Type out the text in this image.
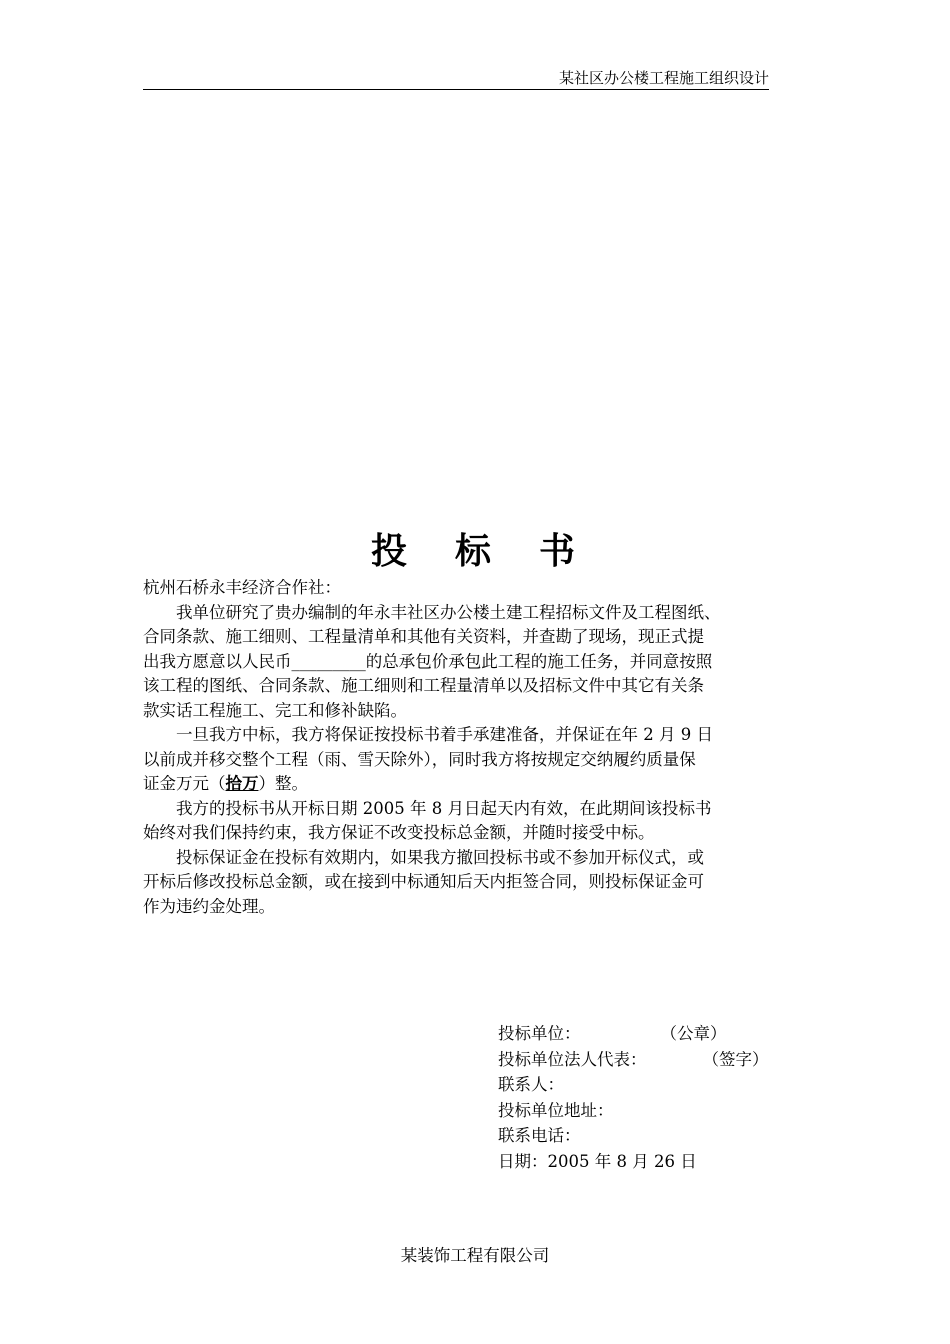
某社区办公楼工程施工组织设计
投 标 书

杭州石桥永丰经济合作社：

我单位研究了贵办编制的年永丰社区办公楼土建工程招标文件及工程图纸、

合同条款、施工细则、工程量清单和其他有关资料，并查勘了现场，现正式提
出我方愿意以人民币_________的总承包价承包此工程的施工任务，并同意按照
该工程的图纸、合同条款、施工细则和工程量清单以及招标文件中其它有关条
款实话工程施工、完工和修补缺陷。

一旦我方中标，我方将保证按投标书着手承建准备，并保证在年 2 月 9 日

以前成并移交整个工程（雨、雪天除外），同时我方将按规定交纳履约质量保
证金万元（拾万）整。

我方的投标书从开标日期 2005 年 8 月日起天内有效，在此期间该投标书

始终对我们保持约束，我方保证不改变投标总金额，并随时接受中标。

投标保证金在投标有效期内，如果我方撤回投标书或不参加开标仪式，或

开标后修改投标总金额，或在接到中标通知后天内拒签合同，则投标保证金可
作为违约金处理。

投标单位：	（公章）
投标单位法人代表：	（签字）
联系人：
投标单位地址：
联系电话：
日期：2005 年 8 月 26 日
某装饰工程有限公司
